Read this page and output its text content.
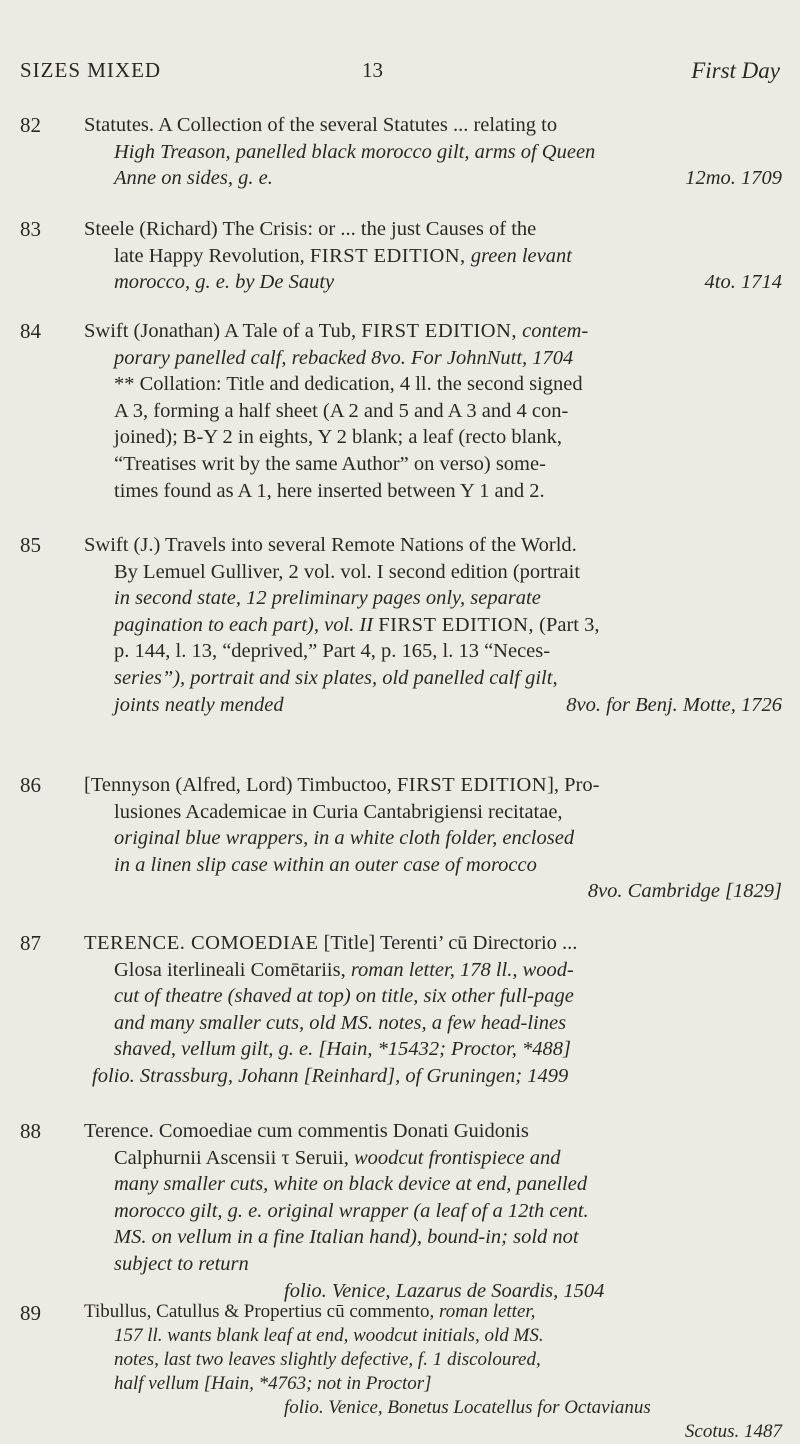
SIZES MIXED	13	First Day
82 Statutes. A Collection of the several Statutes ... relating to
High Treason, panelled black morocco gilt, arms of Queen
Anne on sides, g. e.	12mo. 1709
83 Steele (Richard) The Crisis: or ... the just Causes of the
late Happy Revolution, FIRST EDITION, green levant
morocco, g. e. by De Sauty	4to. 1714
84 Swift (Jonathan) A Tale of a Tub, FIRST EDITION, contem-
porary panelled calf, rebacked 8vo. For JohnNutt, 1704
** Collation: Title and dedication, 4 ll. the second signed
A 3, forming a half sheet (A 2 and 5 and A 3 and 4 con-
joined); B-Y 2 in eights, Y 2 blank; a leaf (recto blank,
“Treatises writ by the same Author” on verso) some-
times found as A 1, here inserted between Y 1 and 2.
85 Swift (J.) Travels into several Remote Nations of the World.
By Lemuel Gulliver, 2 vol. vol. I second edition (portrait
in second state, 12 preliminary pages only, separate
pagination to each part), vol. II FIRST EDITION, (Part 3,
p. 144, l. 13, “deprived,” Part 4, p. 165, l. 13 “Neces-
series”), portrait and six plates, old panelled calf gilt,
joints neatly mended	8vo. for Benj. Motte, 1726
86 [Tennyson (Alfred, Lord) Timbuctoo, FIRST EDITION], Pro-
lusiones Academicae in Curia Cantabrigiensi recitatae,
original blue wrappers, in a white cloth folder, enclosed
in a linen slip case within an outer case of morocco
8vo. Cambridge [1829]

87 TERENCE. COMOEDIAE [Title] Terenti’ cū Directorio ...
Glosa iterlineali Comētariis, roman letter, 178 ll., wood-
cut of theatre (shaved at top) on title, six other full-page
and many smaller cuts, old MS. notes, a few head-lines
shaved, vellum gilt, g. e. [Hain, *15432; Proctor, *488]
folio. Strassburg, Johann [Reinhard], of Gruningen; 1499
88 Terence. Comoediae cum commentis Donati Guidonis
Calphurnii Ascensii τ Seruii, woodcut frontispiece and
many smaller cuts, white on black device at end, panelled
morocco gilt, g. e. original wrapper (a leaf of a 12th cent.
MS. on vellum in a fine Italian hand), bound-in; sold not
subject to return
folio. Venice, Lazarus de Soardis, 1504
89 Tibullus, Catullus & Propertius cū commento, roman letter,
157 ll. wants blank leaf at end, woodcut initials, old MS.
notes, last two leaves slightly defective, f. 1 discoloured,
half vellum [Hain, *4763; not in Proctor]
folio. Venice, Bonetus Locatellus for Octavianus
Scotus. 1487
